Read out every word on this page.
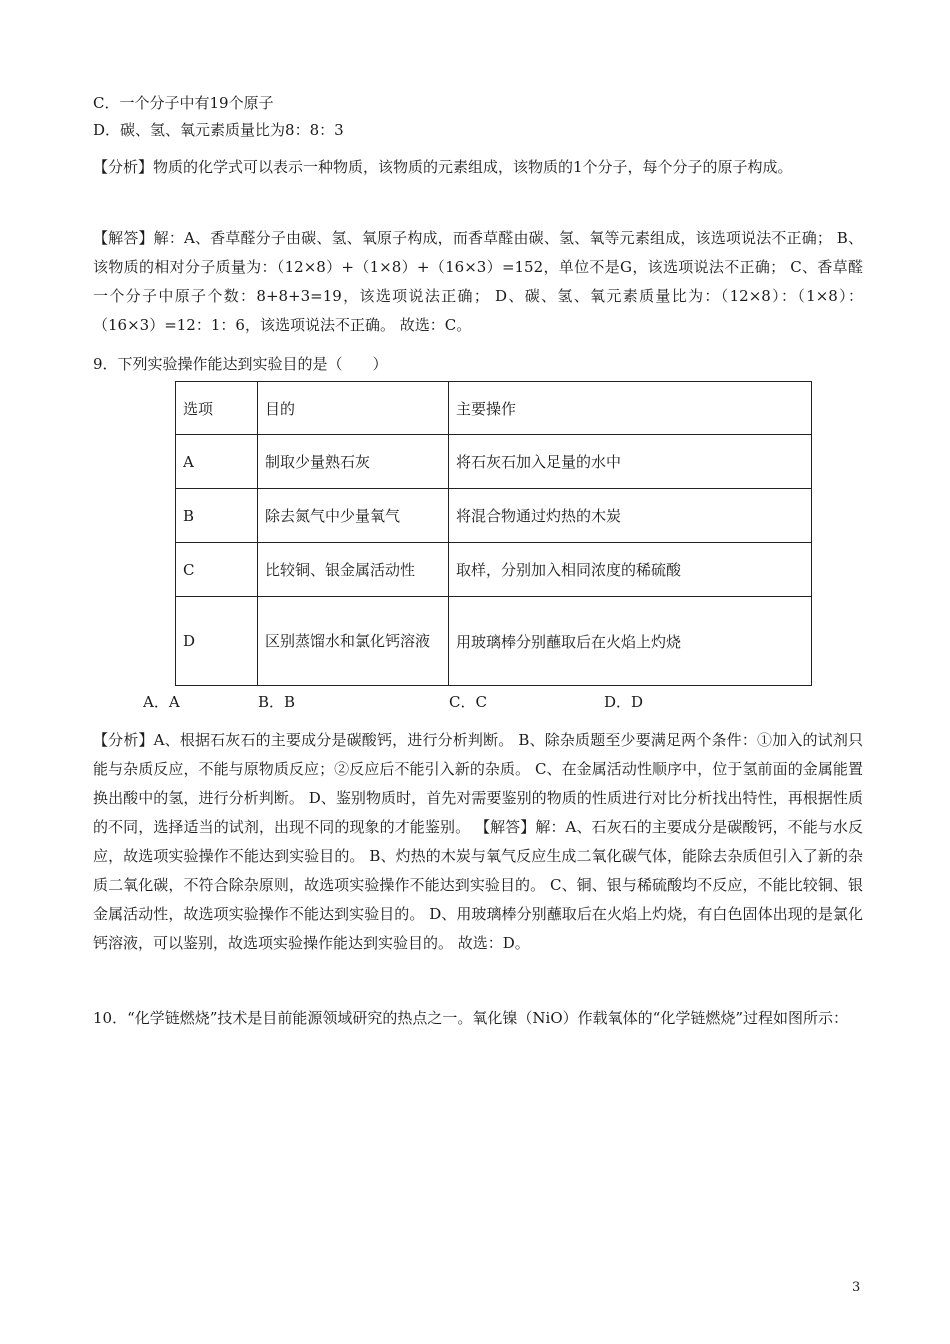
C．一个分子中有19个原子
D．碳、氢、氧元素质量比为8：8：3
【分析】物质的化学式可以表示一种物质，该物质的元素组成，该物质的1个分子，每个分子的原子构成。
【解答】解：A、香草醛分子由碳、氢、氧原子构成，而香草醛由碳、氢、氧等元素组成，该选项说法不正确； B、该物质的相对分子质量为：（12×8）+（1×8）+（16×3）=152，单位不是G，该选项说法不正确； C、香草醛一个分子中原子个数：8+8+3=19，该选项说法正确； D、碳、氢、氧元素质量比为：（12×8）：（1×8）：（16×3）=12：1：6，该选项说法不正确。 故选：C。
9．下列实验操作能达到实验目的是（　　）
选项	目的	主要操作
A	制取少量熟石灰	将石灰石加入足量的水中
B	除去氮气中少量氧气	将混合物通过灼热的木炭
C	比较铜、银金属活动性	取样，分别加入相同浓度的稀硫酸
D	区别蒸馏水和氯化钙溶液	用玻璃棒分别蘸取后在火焰上灼烧
A．A	B．B	C．C	D．D
【分析】A、根据石灰石的主要成分是碳酸钙，进行分析判断。 B、除杂质题至少要满足两个条件：①加入的试剂只能与杂质反应，不能与原物质反应；②反应后不能引入新的杂质。 C、在金属活动性顺序中，位于氢前面的金属能置换出酸中的氢，进行分析判断。 D、鉴别物质时，首先对需要鉴别的物质的性质进行对比分析找出特性，再根据性质的不同，选择适当的试剂，出现不同的现象的才能鉴别。 【解答】解：A、石灰石的主要成分是碳酸钙，不能与水反应，故选项实验操作不能达到实验目的。 B、灼热的木炭与氧气反应生成二氧化碳气体，能除去杂质但引入了新的杂质二氧化碳，不符合除杂原则，故选项实验操作不能达到实验目的。 C、铜、银与稀硫酸均不反应，不能比较铜、银金属活动性，故选项实验操作不能达到实验目的。 D、用玻璃棒分别蘸取后在火焰上灼烧，有白色固体出现的是氯化钙溶液，可以鉴别，故选项实验操作能达到实验目的。 故选：D。
10．“化学链燃烧”技术是目前能源领域研究的热点之一。氧化镍（NiO）作载氧体的“化学链燃烧”过程如图所示：
3
